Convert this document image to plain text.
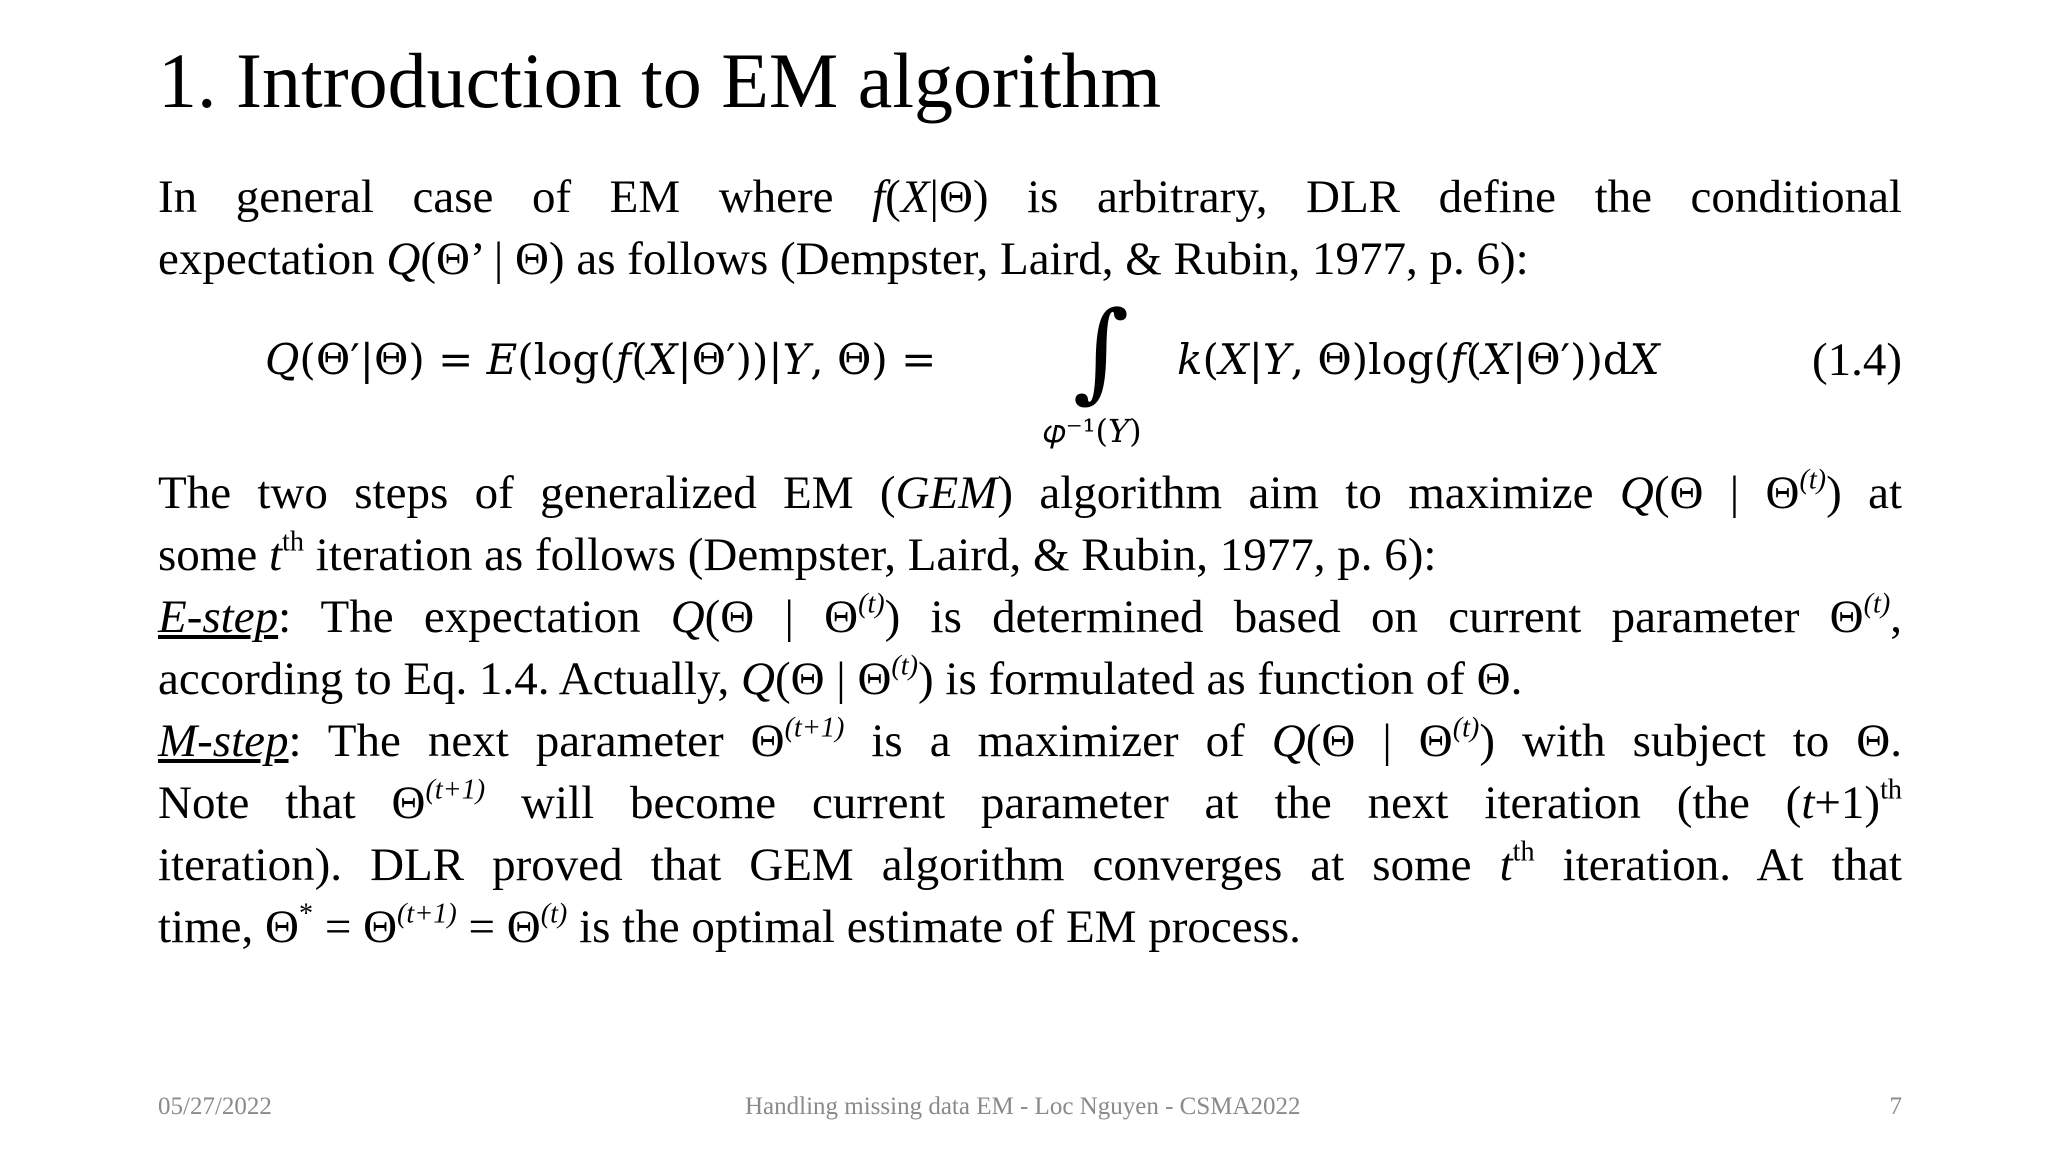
1. Introduction to EM algorithm
In general case of EM where f(X|Θ) is arbitrary, DLR define the conditional
expectation Q(Θ’ | Θ) as follows (Dempster, Laird, & Rubin, 1977, p. 6):
𝑄(Θ′|Θ) = 𝐸(log(𝑓(𝑋|Θ′))|𝑌, Θ) = ∫
𝜑⁻¹(𝑌)
𝑘(𝑋|𝑌, Θ)log(𝑓(𝑋|Θ′))d𝑋	(1.4)
The two steps of generalized EM (GEM) algorithm aim to maximize Q(Θ | $\Theta^{(t)}$) at
some $t^{th}$ iteration as follows (Dempster, Laird, & Rubin, 1977, p. 6):
E-step: The expectation Q(Θ | $\Theta^{(t)}$) is determined based on current parameter $\Theta^{(t)}$,
according to Eq. 1.4. Actually, Q(Θ | $\Theta^{(t)}$) is formulated as function of Θ.
M-step: The next parameter $\Theta^{(t+1)}$ is a maximizer of Q(Θ | $\Theta^{(t)}$) with subject to Θ.
Note that $\Theta^{(t+1)}$ will become current parameter at the next iteration (the $(t+1)^{th}$
iteration). DLR proved that GEM algorithm converges at some $t^{th}$ iteration. At that
time, $\Theta^* = \Theta^{(t+1)} = \Theta^{(t)}$ is the optimal estimate of EM process.
05/27/2022	Handling missing data EM - Loc Nguyen - CSMA2022	7
